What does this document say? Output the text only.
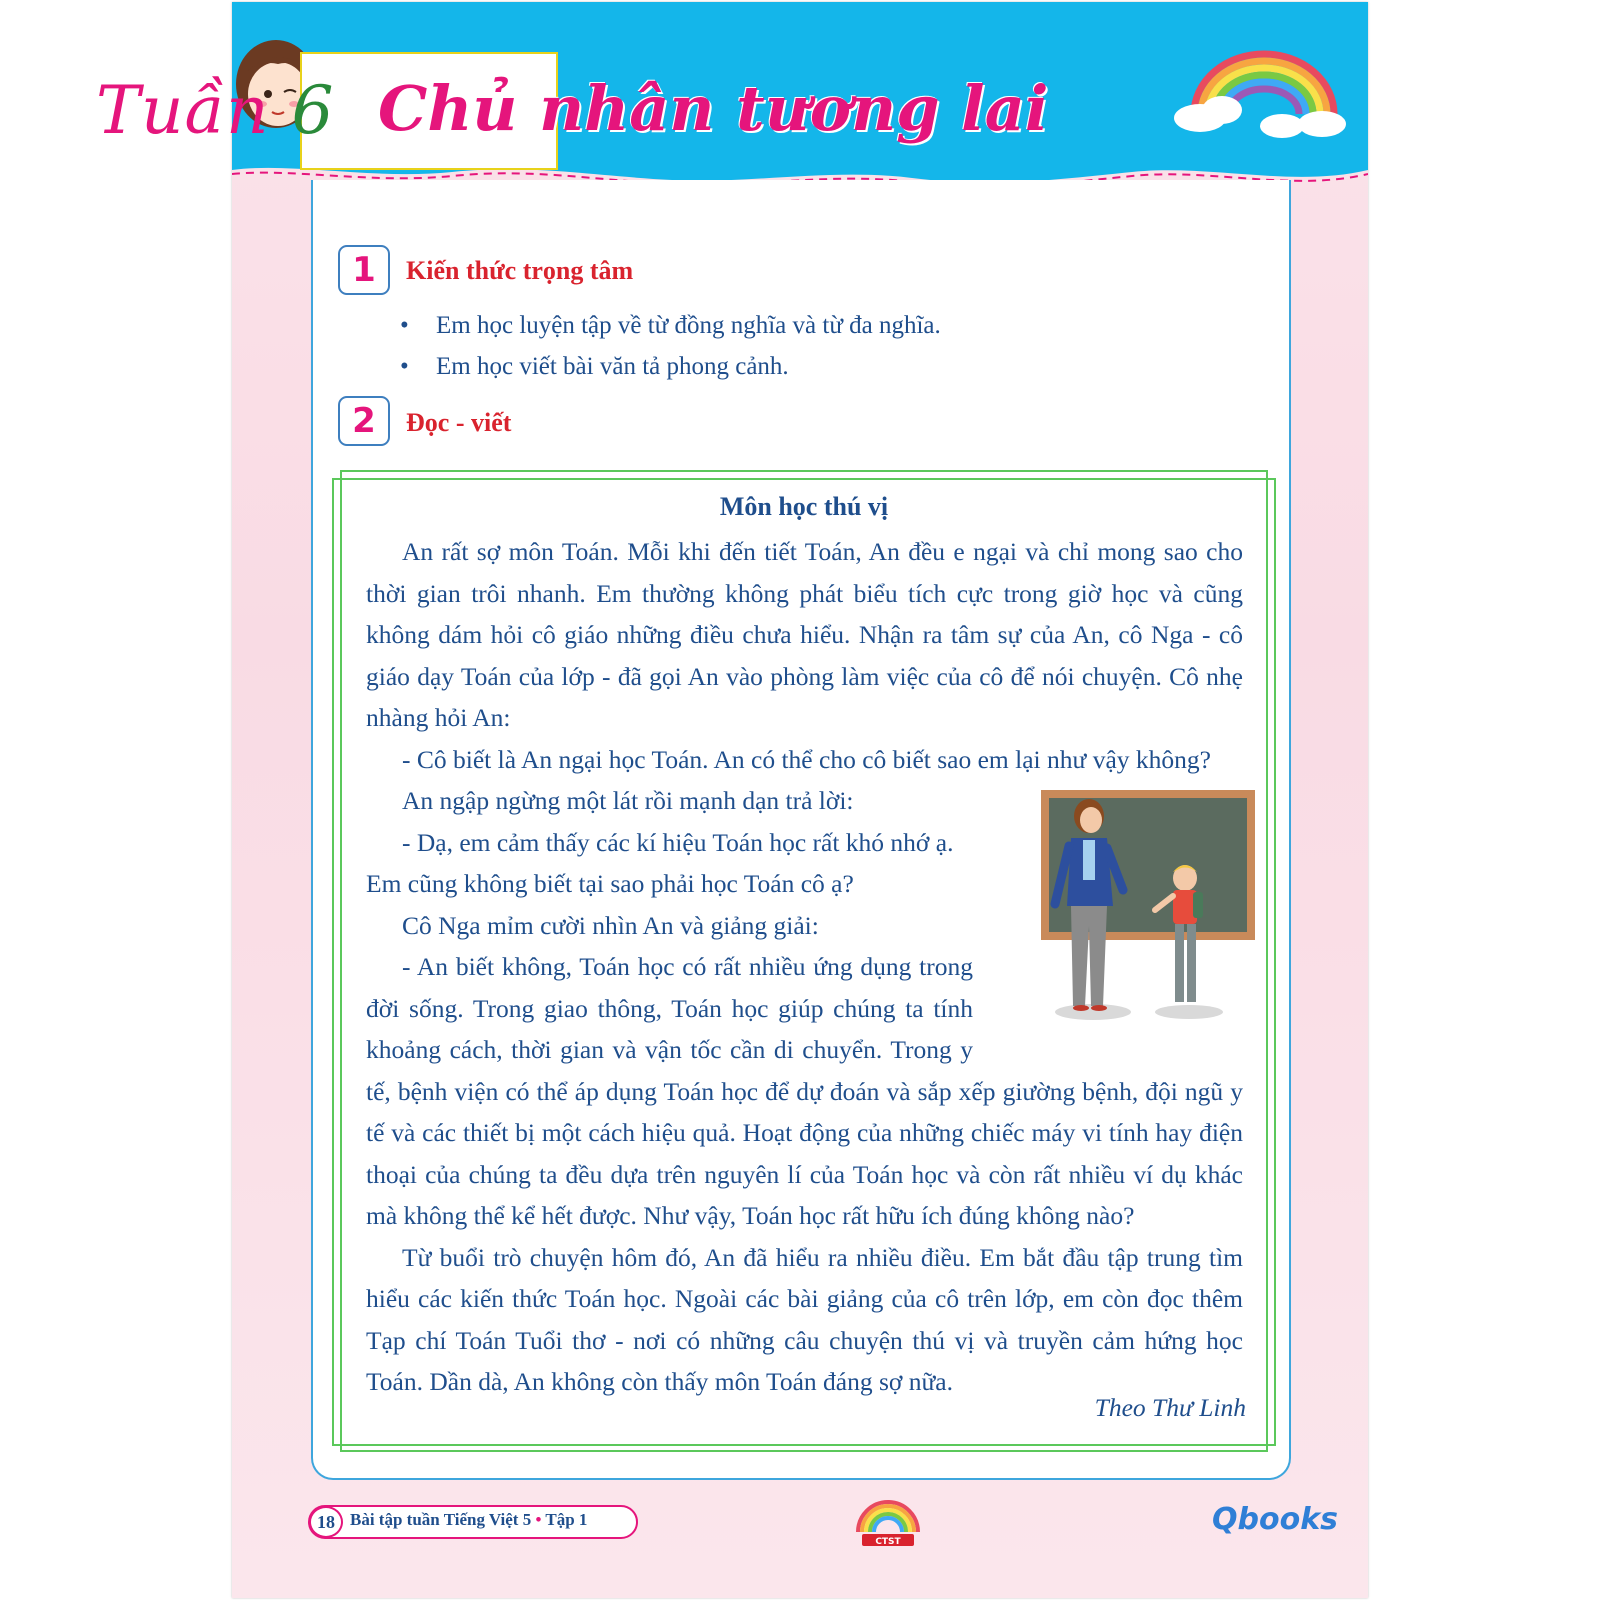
Tuần 6 Chủ nhân tương lai
1	Kiến thức trọng tâm
• Em học luyện tập về từ đồng nghĩa và từ đa nghĩa.
• Em học viết bài văn tả phong cảnh.
2	Đọc - viết
Môn học thú vị

An rất sợ môn Toán. Mỗi khi đến tiết Toán, An đều e ngại và chỉ mong sao cho thời gian trôi nhanh. Em thường không phát biểu tích cực trong giờ học và cũng không dám hỏi cô giáo những điều chưa hiểu. Nhận ra tâm sự của An, cô Nga - cô giáo dạy Toán của lớp - đã gọi An vào phòng làm việc của cô để nói chuyện. Cô nhẹ nhàng hỏi An:

- Cô biết là An ngại học Toán. An có thể cho cô biết sao em lại như vậy không?

An ngập ngừng một lát rồi mạnh dạn trả lời:

- Dạ, em cảm thấy các kí hiệu Toán học rất khó nhớ ạ.

Em cũng không biết tại sao phải học Toán cô ạ?

Cô Nga mỉm cười nhìn An và giảng giải:

- An biết không, Toán học có rất nhiều ứng dụng trong đời sống. Trong giao thông, Toán học giúp chúng ta tính khoảng cách, thời gian và vận tốc cần di chuyển. Trong y tế, bệnh viện có thể áp dụng Toán học để dự đoán và sắp xếp giường bệnh, đội ngũ y tế và các thiết bị một cách hiệu quả. Hoạt động của những chiếc máy vi tính hay điện thoại của chúng ta đều dựa trên nguyên lí của Toán học và còn rất nhiều ví dụ khác mà không thể kể hết được. Như vậy, Toán học rất hữu ích đúng không nào?

Từ buổi trò chuyện hôm đó, An đã hiểu ra nhiều điều. Em bắt đầu tập trung tìm hiểu các kiến thức Toán học. Ngoài các bài giảng của cô trên lớp, em còn đọc thêm Tạp chí Toán Tuổi thơ - nơi có những câu chuyện thú vị và truyền cảm hứng học Toán. Dần dà, An không còn thấy môn Toán đáng sợ nữa.

Theo Thư Linh
18 Bài tập tuần Tiếng Việt 5 • Tập 1
CTST
Qbooks
